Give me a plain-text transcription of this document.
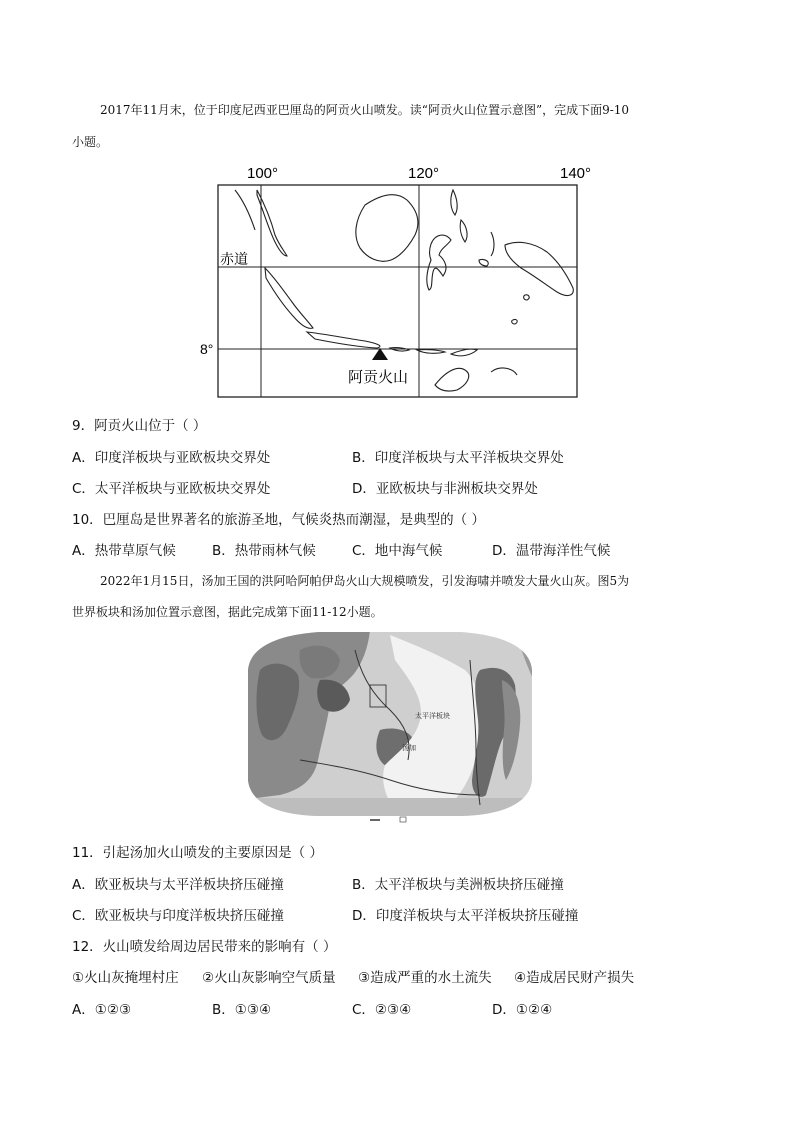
2017年11月末，位于印度尼西亚巴厘岛的阿贡火山喷发。读“阿贡火山位置示意图”，完成下面9-10
小题。
100°	120°	140°
赤道
8°
阿贡火山
9．阿贡火山位于（ ）
A．印度洋板块与亚欧板块交界处	B．印度洋板块与太平洋板块交界处
C．太平洋板块与亚欧板块交界处	D．亚欧板块与非洲板块交界处
10．巴厘岛是世界著名的旅游圣地，气候炎热而潮湿，是典型的（ ）
A．热带草原气候	B．热带雨林气候	C．地中海气候	D．温带海洋性气候
2022年1月15日，汤加王国的洪阿哈阿帕伊岛火山大规模喷发，引发海啸并喷发大量火山灰。图5为
世界板块和汤加位置示意图，据此完成第下面11-12小题。
太平洋板块
汤加
11．引起汤加火山喷发的主要原因是（ ）
A．欧亚板块与太平洋板块挤压碰撞	B．太平洋板块与美洲板块挤压碰撞
C．欧亚板块与印度洋板块挤压碰撞	D．印度洋板块与太平洋板块挤压碰撞
12．火山喷发给周边居民带来的影响有（ ）
①火山灰掩埋村庄 ②火山灰影响空气质量 ③造成严重的水土流失 ④造成居民财产损失
A．①②③	B．①③④	C．②③④	D．①②④
